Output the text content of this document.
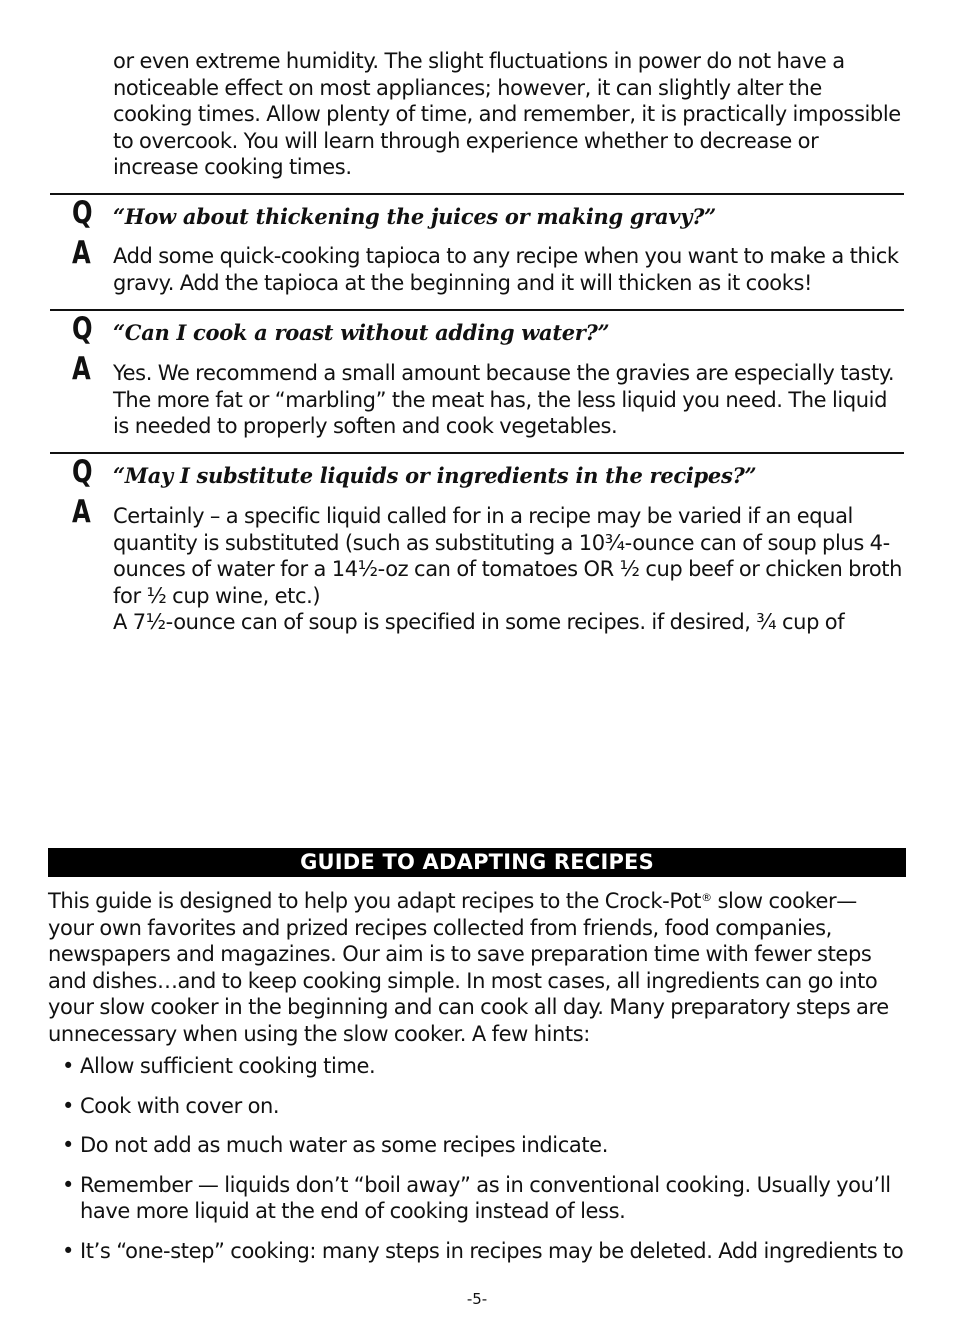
or even extreme humidity. The slight fluctuations in power do not have a noticeable effect on most appliances; however, it can slightly alter the cooking times. Allow plenty of time, and remember, it is practically impossible to overcook. You will learn through experience whether to decrease or increase cooking times.

Q “How about thickening the juices or making gravy?”

A Add some quick-cooking tapioca to any recipe when you want to make a thick gravy. Add the tapioca at the beginning and it will thicken as it cooks!

Q “Can I cook a roast without adding water?”

A Yes. We recommend a small amount because the gravies are especially tasty. The more fat or “marbling” the meat has, the less liquid you need. The liquid is needed to properly soften and cook vegetables.

Q “May I substitute liquids or ingredients in the recipes?”

A Certainly – a specific liquid called for in a recipe may be varied if an equal quantity is substituted (such as substituting a 10¾-ounce can of soup plus 4-ounces of water for a 14½-oz can of tomatoes OR ½ cup beef or chicken broth for ½ cup wine, etc.)

A 7½-ounce can of soup is specified in some recipes. if desired, ¾ cup of

GUIDE TO ADAPTING RECIPES

This guide is designed to help you adapt recipes to the Crock-Pot® slow cooker— your own favorites and prized recipes collected from friends, food companies, newspapers and magazines. Our aim is to save preparation time with fewer steps and dishes…and to keep cooking simple. In most cases, all ingredients can go into your slow cooker in the beginning and can cook all day. Many preparatory steps are unnecessary when using the slow cooker. A few hints:

• Allow sufficient cooking time.
• Cook with cover on.
• Do not add as much water as some recipes indicate.
• Remember — liquids don’t “boil away” as in conventional cooking. Usually you’ll have more liquid at the end of cooking instead of less.
• It’s “one-step” cooking: many steps in recipes may be deleted. Add ingredients to
-5-
